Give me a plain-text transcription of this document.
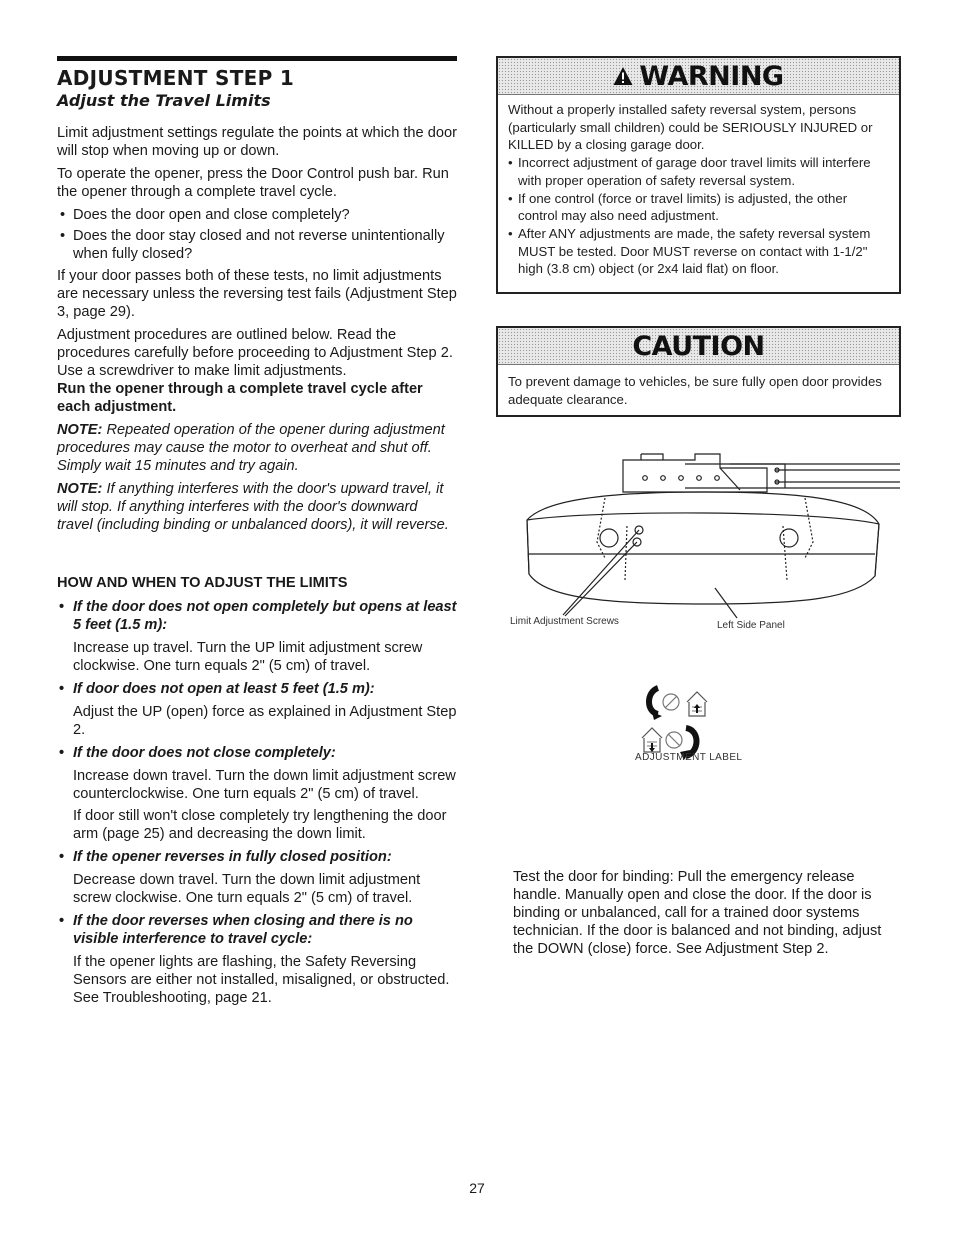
ADJUSTMENT STEP 1
Adjust the Travel Limits

Limit adjustment settings regulate the points at which the door will stop when moving up or down.

To operate the opener, press the Door Control push bar. Run the opener through a complete travel cycle.

• Does the door open and close completely?
• Does the door stay closed and not reverse unintentionally when fully closed?

If your door passes both of these tests, no limit adjustments are necessary unless the reversing test fails (Adjustment Step 3, page 29).

Adjustment procedures are outlined below. Read the procedures carefully before proceeding to Adjustment Step 2. Use a screwdriver to make limit adjustments.

Run the opener through a complete travel cycle after each adjustment.

NOTE: Repeated operation of the opener during adjustment procedures may cause the motor to overheat and shut off. Simply wait 15 minutes and try again.

NOTE: If anything interferes with the door's upward travel, it will stop. If anything interferes with the door's downward travel (including binding or unbalanced doors), it will reverse.

HOW AND WHEN TO ADJUST THE LIMITS
• If the door does not open completely but opens at least 5 feet (1.5 m):

Increase up travel. Turn the UP limit adjustment screw clockwise. One turn equals 2" (5 cm) of travel.

• If door does not open at least 5 feet (1.5 m):

Adjust the UP (open) force as explained in Adjustment Step 2.

• If the door does not close completely:

Increase down travel. Turn the down limit adjustment screw counterclockwise. One turn equals 2" (5 cm) of travel.

If door still won't close completely try lengthening the door arm (page 25) and decreasing the down limit.

• If the opener reverses in fully closed position:

Decrease down travel. Turn the down limit adjustment screw clockwise. One turn equals 2" (5 cm) of travel.

• If the door reverses when closing and there is no visible interference to travel cycle:

If the opener lights are flashing, the Safety Reversing Sensors are either not installed, misaligned, or obstructed. See Troubleshooting, page 21.

WARNING

Without a properly installed safety reversal system, persons (particularly small children) could be SERIOUSLY INJURED or KILLED by a closing garage door.

• Incorrect adjustment of garage door travel limits will interfere with proper operation of safety reversal system.
• If one control (force or travel limits) is adjusted, the other control may also need adjustment.
• After ANY adjustments are made, the safety reversal system MUST be tested. Door MUST reverse on contact with 1-1/2" high (3.8 cm) object (or 2x4 laid flat) on floor.
CAUTION

To prevent damage to vehicles, be sure fully open door provides adequate clearance.

Limit Adjustment Screws	Left Side Panel
ADJUSTMENT LABEL

Test the door for binding: Pull the emergency release handle. Manually open and close the door. If the door is binding or unbalanced, call for a trained door systems technician. If the door is balanced and not binding, adjust the DOWN (close) force. See Adjustment Step 2.

27
